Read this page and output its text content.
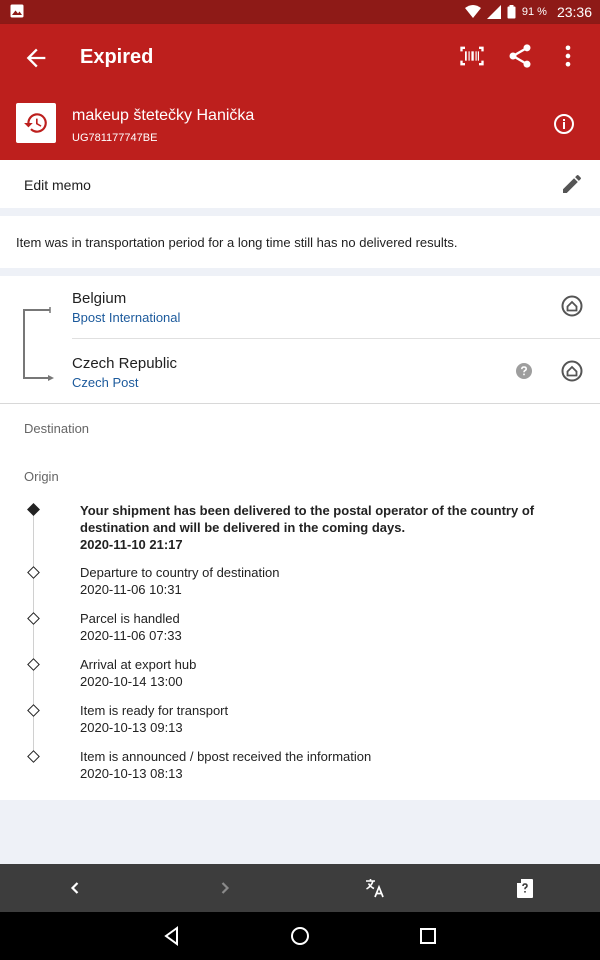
91 % 23:36
Expired
makeup štetečky Hanička
UG781177747BE
Edit memo
Item was in transportation period for a long time still has no delivered results.
Belgium
Bpost International
Czech Republic
Czech Post
Destination
Origin
Your shipment has been delivered to the postal operator of the country of destination and will be delivered in the coming days.
2020-11-10 21:17
Departure to country of destination
2020-11-06 10:31
Parcel is handled
2020-11-06 07:33
Arrival at export hub
2020-10-14 13:00
Item is ready for transport
2020-10-13 09:13
Item is announced / bpost received the information
2020-10-13 08:13
